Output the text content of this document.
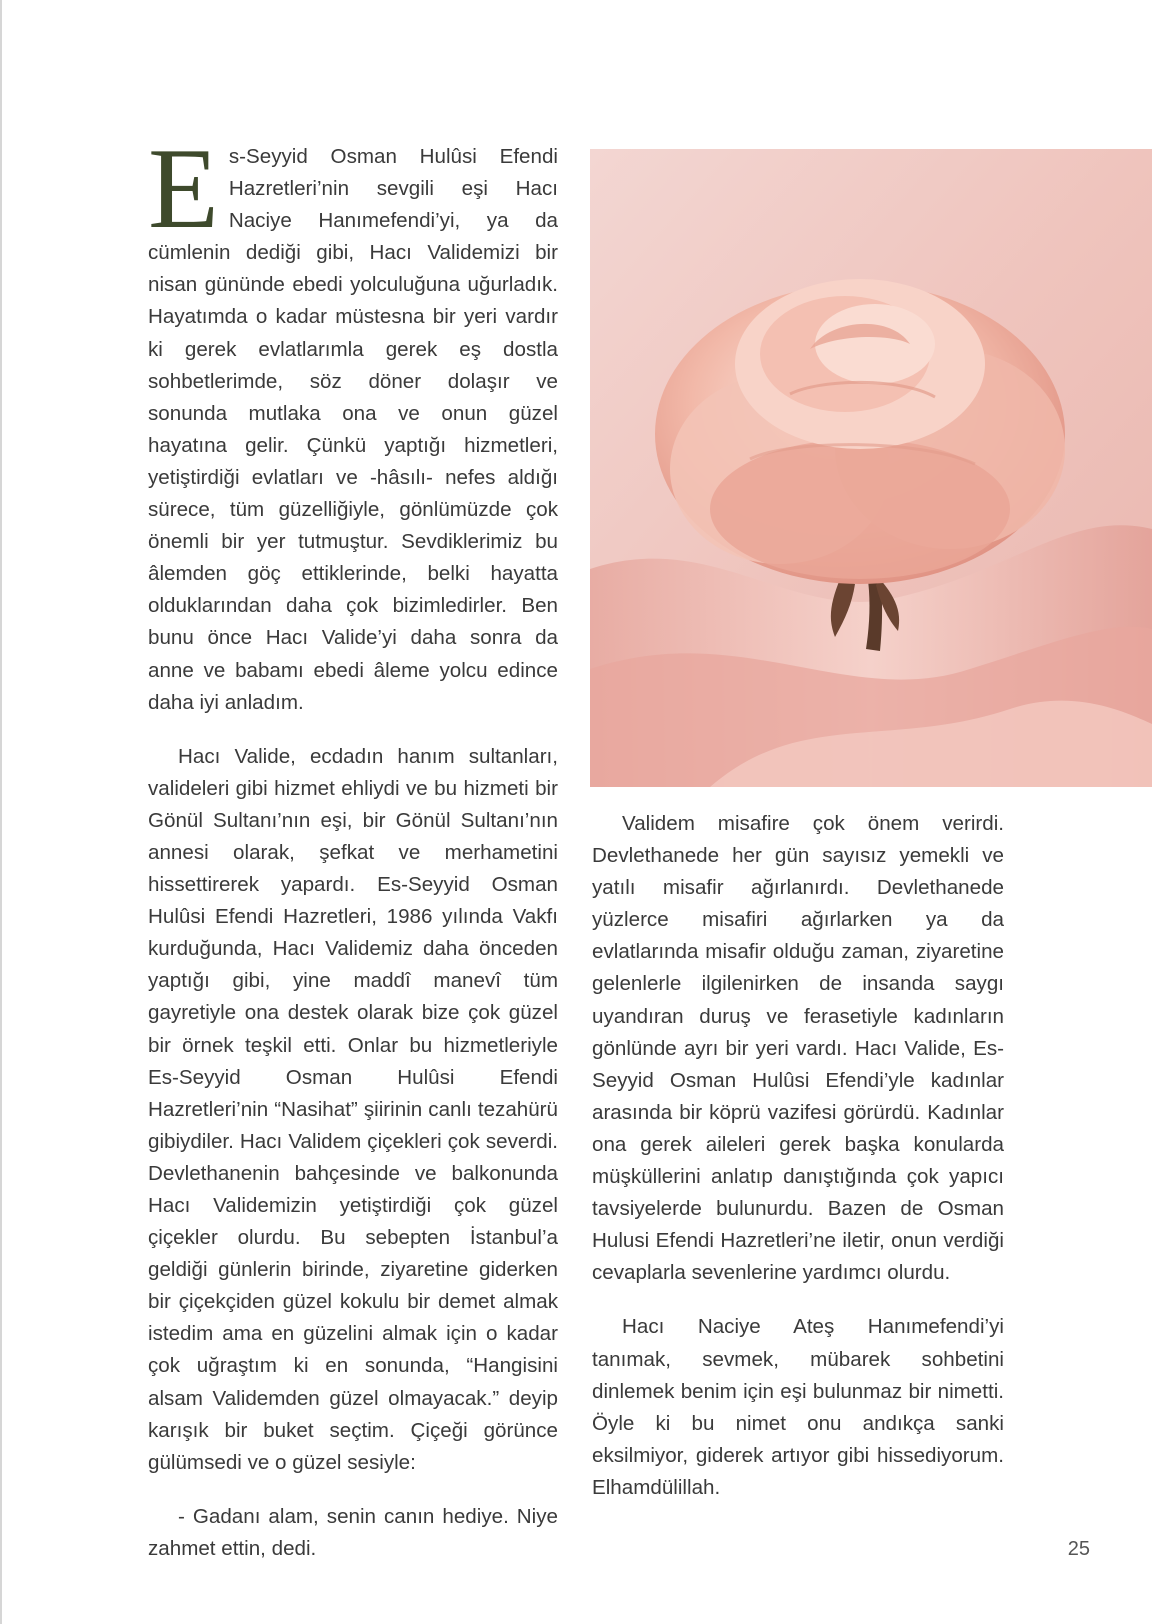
Es-Seyyid Osman Hulûsi Efendi Hazretleri’nin sevgili eşi Hacı Naciye Hanımefendi’yi, ya da cümlenin dediği gibi, Hacı Validemizi bir nisan gününde ebedi yolculuğuna uğurladık. Hayatımda o kadar müstesna bir yeri vardır ki gerek evlatlarımla gerek eş dostla sohbetlerimde, söz döner dolaşır ve sonunda mutlaka ona ve onun güzel hayatına gelir. Çünkü yaptığı hizmetleri, yetiştirdiği evlatları ve -hâsılı- nefes aldığı sürece, tüm güzelliğiyle, gönlümüzde çok önemli bir yer tutmuştur. Sevdiklerimiz bu âlemden göç ettiklerinde, belki hayatta olduklarından daha çok bizimledirler. Ben bunu önce Hacı Valide’yi daha sonra da anne ve babamı ebedi âleme yolcu edince daha iyi anladım.

Hacı Valide, ecdadın hanım sultanları, valideleri gibi hizmet ehliydi ve bu hizmeti bir Gönül Sultanı’nın eşi, bir Gönül Sultanı’nın annesi olarak, şefkat ve merhametini hissettirerek yapardı. Es-Seyyid Osman Hulûsi Efendi Hazretleri, 1986 yılında Vakfı kurduğunda, Hacı Validemiz daha önceden yaptığı gibi, yine maddî manevî tüm gayretiyle ona destek olarak bize çok güzel bir örnek teşkil etti. Onlar bu hizmetleriyle Es-Seyyid Osman Hulûsi Efendi Hazretleri’nin “Nasihat” şiirinin canlı tezahürü gibiydiler. Hacı Validem çiçekleri çok severdi. Devlethanenin bahçesinde ve balkonunda Hacı Validemizin yetiştirdiği çok güzel çiçekler olurdu. Bu sebepten İstanbul’a geldiği günlerin birinde, ziyaretine giderken bir çiçekçiden güzel kokulu bir demet almak istedim ama en güzelini almak için o kadar çok uğraştım ki en sonunda, “Hangisini alsam Validemden güzel olmayacak.” deyip karışık bir buket seçtim. Çiçeği görünce gülümsedi ve o güzel sesiyle:

- Gadanı alam, senin canın hediye. Niye zahmet ettin, dedi.

Validem misafire çok önem verirdi. Devlethanede her gün sayısız yemekli ve yatılı misafir ağırlanırdı. Devlethanede yüzlerce misafiri ağırlarken ya da evlatlarında misafir olduğu zaman, ziyaretine gelenlerle ilgilenirken de insanda saygı uyandıran duruş ve ferasetiyle kadınların gönlünde ayrı bir yeri vardı. Hacı Valide, Es-Seyyid Osman Hulûsi Efendi’yle kadınlar arasında bir köprü vazifesi görürdü. Kadınlar ona gerek aileleri gerek başka konularda müşküllerini anlatıp danıştığında çok yapıcı tavsiyelerde bulunurdu. Bazen de Osman Hulusi Efendi Hazretleri’ne iletir, onun verdiği cevaplarla sevenlerine yardımcı olurdu.

Hacı Naciye Ateş Hanımefendi’yi tanımak, sevmek, mübarek sohbetini dinlemek benim için eşi bulunmaz bir nimetti. Öyle ki bu nimet onu andıkça sanki eksilmiyor, giderek artıyor gibi hissediyorum. Elhamdülillah.

25
